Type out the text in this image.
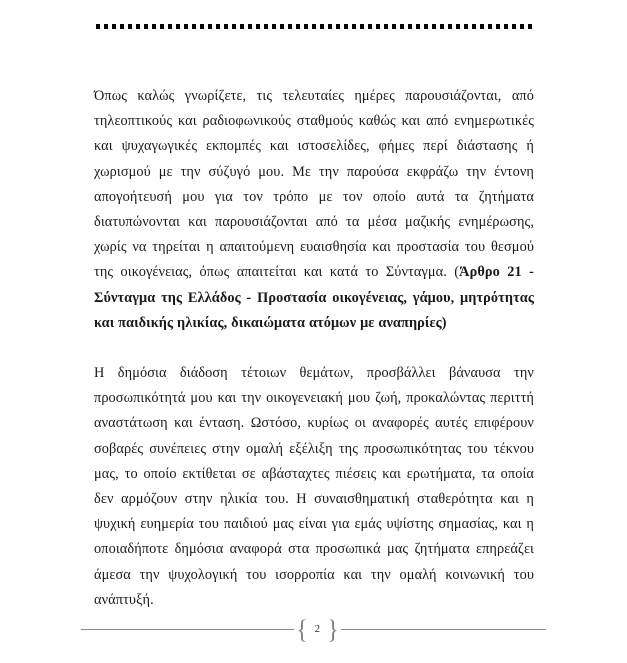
Όπως καλώς γνωρίζετε, τις τελευταίες ημέρες παρουσιάζονται, από τηλεοπτικούς και ραδιοφωνικούς σταθμούς καθώς και από ενημερωτικές και ψυχαγωγικές εκπομπές και ιστοσελίδες, φήμες περί διάστασης ή χωρισμού με την σύζυγό μου. Με την παρούσα εκφράζω την έντονη απογοήτευσή μου για τον τρόπο με τον οποίο αυτά τα ζητήματα διατυπώνονται και παρουσιάζονται από τα μέσα μαζικής ενημέρωσης, χωρίς να τηρείται η απαιτούμενη ευαισθησία και προστασία του θεσμού της οικογένειας, όπως απαιτείται και κατά το Σύνταγμα. (Άρθρο 21 - Σύνταγμα της Ελλάδος - Προστασία οικογένειας, γάμου, μητρότητας και παιδικής ηλικίας, δικαιώματα ατόμων με αναπηρίες)

Η δημόσια διάδοση τέτοιων θεμάτων, προσβάλλει βάναυσα την προσωπικότητά μου και την οικογενειακή μου ζωή, προκαλώντας περιττή αναστάτωση και ένταση. Ωστόσο, κυρίως οι αναφορές αυτές επιφέρουν σοβαρές συνέπειες στην ομαλή εξέλιξη της προσωπικότητας του τέκνου μας, το οποίο εκτίθεται σε αβάσταχτες πιέσεις και ερωτήματα, τα οποία δεν αρμόζουν στην ηλικία του. Η συναισθηματική σταθερότητα και η ψυχική ευημερία του παιδιού μας είναι για εμάς υψίστης σημασίας, και η οποιαδήποτε δημόσια αναφορά στα προσωπικά μας ζητήματα επηρεάζει άμεσα την ψυχολογική του ισορροπία και την ομαλή κοινωνική του ανάπτυξή.

{ 2 }
